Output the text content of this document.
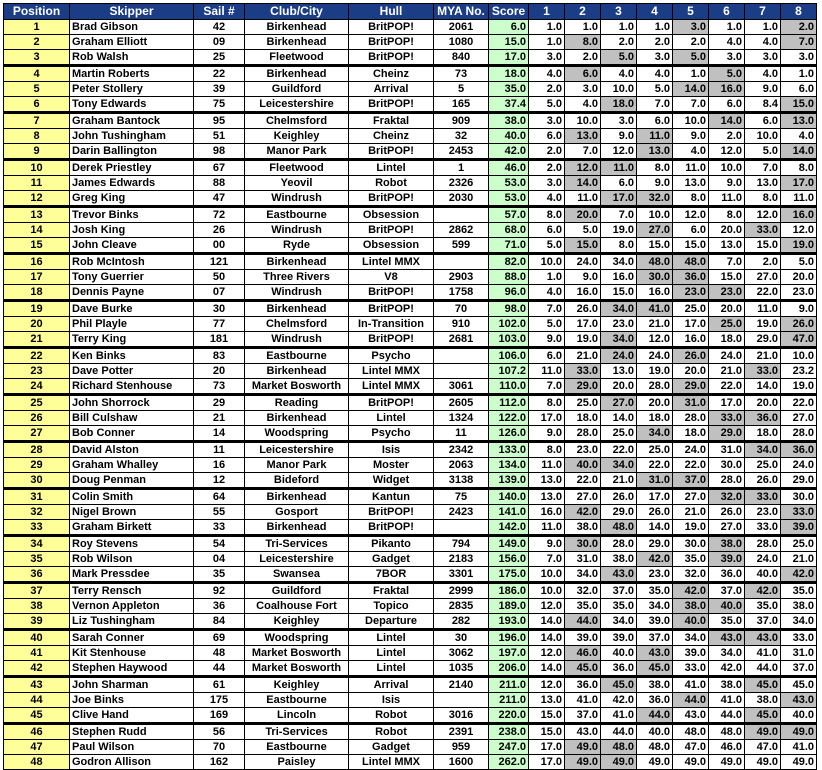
Position	Skipper	Sail #	Club/City	Hull	MYA No.	Score	1	2	3	4	5	6	7	8
1	Brad Gibson	42	Birkenhead	BritPOP!	2061	6.0	1.0	1.0	1.0	1.0	3.0	1.0	1.0	2.0
2	Graham Elliott	09	Birkenhead	BritPOP!	1080	15.0	1.0	8.0	2.0	2.0	2.0	4.0	4.0	7.0
3	Rob Walsh	25	Fleetwood	BritPOP!	840	17.0	3.0	2.0	5.0	3.0	5.0	3.0	3.0	3.0
4	Martin Roberts	22	Birkenhead	Cheinz	73	18.0	4.0	6.0	4.0	4.0	1.0	5.0	4.0	1.0
5	Peter Stollery	39	Guildford	Arrival	5	35.0	2.0	3.0	10.0	5.0	14.0	16.0	9.0	6.0
6	Tony Edwards	75	Leicestershire	BritPOP!	165	37.4	5.0	4.0	18.0	7.0	7.0	6.0	8.4	15.0
7	Graham Bantock	95	Chelmsford	Fraktal	909	38.0	3.0	10.0	3.0	6.0	10.0	14.0	6.0	13.0
8	John Tushingham	51	Keighley	Cheinz	32	40.0	6.0	13.0	9.0	11.0	9.0	2.0	10.0	4.0
9	Darin Ballington	98	Manor Park	BritPOP!	2453	42.0	2.0	7.0	12.0	13.0	4.0	12.0	5.0	14.0
10	Derek Priestley	67	Fleetwood	Lintel	1	46.0	2.0	12.0	11.0	8.0	11.0	10.0	7.0	8.0
11	James Edwards	88	Yeovil	Robot	2326	53.0	3.0	14.0	6.0	9.0	13.0	9.0	13.0	17.0
12	Greg King	47	Windrush	BritPOP!	2030	53.0	4.0	11.0	17.0	32.0	8.0	11.0	8.0	11.0
13	Trevor Binks	72	Eastbourne	Obsession		57.0	8.0	20.0	7.0	10.0	12.0	8.0	12.0	16.0
14	Josh King	26	Windrush	BritPOP!	2862	68.0	6.0	5.0	19.0	27.0	6.0	20.0	33.0	12.0
15	John Cleave	00	Ryde	Obsession	599	71.0	5.0	15.0	8.0	15.0	15.0	13.0	15.0	19.0
16	Rob McIntosh	121	Birkenhead	Lintel MMX		82.0	10.0	24.0	34.0	48.0	48.0	7.0	2.0	5.0
17	Tony Guerrier	50	Three Rivers	V8	2903	88.0	1.0	9.0	16.0	30.0	36.0	15.0	27.0	20.0
18	Dennis Payne	07	Windrush	BritPOP!	1758	96.0	4.0	16.0	15.0	16.0	23.0	23.0	22.0	23.0
19	Dave Burke	30	Birkenhead	BritPOP!	70	98.0	7.0	26.0	34.0	41.0	25.0	20.0	11.0	9.0
20	Phil Playle	77	Chelmsford	In-Transition	910	102.0	5.0	17.0	23.0	21.0	17.0	25.0	19.0	26.0
21	Terry King	181	Windrush	BritPOP!	2681	103.0	9.0	19.0	34.0	12.0	16.0	18.0	29.0	47.0
22	Ken Binks	83	Eastbourne	Psycho		106.0	6.0	21.0	24.0	24.0	26.0	24.0	21.0	10.0
23	Dave Potter	20	Birkenhead	Lintel MMX		107.2	11.0	33.0	13.0	19.0	20.0	21.0	33.0	23.2
24	Richard Stenhouse	73	Market Bosworth	Lintel MMX	3061	110.0	7.0	29.0	20.0	28.0	29.0	22.0	14.0	19.0
25	John Shorrock	29	Reading	BritPOP!	2605	112.0	8.0	25.0	27.0	20.0	31.0	17.0	20.0	22.0
26	Bill Culshaw	21	Birkenhead	Lintel	1324	122.0	17.0	18.0	14.0	18.0	28.0	33.0	36.0	27.0
27	Bob Conner	14	Woodspring	Psycho	11	126.0	9.0	28.0	25.0	34.0	18.0	29.0	18.0	28.0
28	David Alston	11	Leicestershire	Isis	2342	133.0	8.0	23.0	22.0	25.0	24.0	31.0	34.0	36.0
29	Graham Whalley	16	Manor Park	Moster	2063	134.0	11.0	40.0	34.0	22.0	22.0	30.0	25.0	24.0
30	Doug Penman	12	Bideford	Widget	3138	139.0	13.0	22.0	21.0	31.0	37.0	28.0	26.0	29.0
31	Colin Smith	64	Birkenhead	Kantun	75	140.0	13.0	27.0	26.0	17.0	27.0	32.0	33.0	30.0
32	Nigel Brown	55	Gosport	BritPOP!	2423	141.0	16.0	42.0	29.0	26.0	21.0	26.0	23.0	33.0
33	Graham Birkett	33	Birkenhead	BritPOP!		142.0	11.0	38.0	48.0	14.0	19.0	27.0	33.0	39.0
34	Roy Stevens	54	Tri-Services	Pikanto	794	149.0	9.0	30.0	28.0	29.0	30.0	38.0	28.0	25.0
35	Rob Wilson	04	Leicestershire	Gadget	2183	156.0	7.0	31.0	38.0	42.0	35.0	39.0	24.0	21.0
36	Mark Pressdee	35	Swansea	7BOR	3301	175.0	10.0	34.0	43.0	23.0	32.0	36.0	40.0	42.0
37	Terry Rensch	92	Guildford	Fraktal	2999	186.0	10.0	32.0	37.0	35.0	42.0	37.0	42.0	35.0
38	Vernon Appleton	36	Coalhouse Fort	Topico	2835	189.0	12.0	35.0	35.0	34.0	38.0	40.0	35.0	38.0
39	Liz Tushingham	84	Keighley	Departure	282	193.0	14.0	44.0	34.0	39.0	40.0	35.0	37.0	34.0
40	Sarah Conner	69	Woodspring	Lintel	30	196.0	14.0	39.0	39.0	37.0	34.0	43.0	43.0	33.0
41	Kit Stenhouse	48	Market Bosworth	Lintel	3062	197.0	12.0	46.0	40.0	43.0	39.0	34.0	41.0	31.0
42	Stephen Haywood	44	Market Bosworth	Lintel	1035	206.0	14.0	45.0	36.0	45.0	33.0	42.0	44.0	37.0
43	John Sharman	61	Keighley	Arrival	2140	211.0	12.0	36.0	45.0	38.0	41.0	38.0	45.0	45.0
44	Joe Binks	175	Eastbourne	Isis		211.0	13.0	41.0	42.0	36.0	44.0	41.0	38.0	43.0
45	Clive Hand	169	Lincoln	Robot	3016	220.0	15.0	37.0	41.0	44.0	43.0	44.0	45.0	40.0
46	Stephen Rudd	56	Tri-Services	Robot	2391	238.0	15.0	43.0	44.0	40.0	48.0	48.0	49.0	49.0
47	Paul Wilson	70	Eastbourne	Gadget	959	247.0	17.0	49.0	48.0	48.0	47.0	46.0	47.0	41.0
48	Godron Allison	162	Paisley	Lintel MMX	1600	262.0	17.0	49.0	49.0	49.0	49.0	49.0	49.0	49.0
